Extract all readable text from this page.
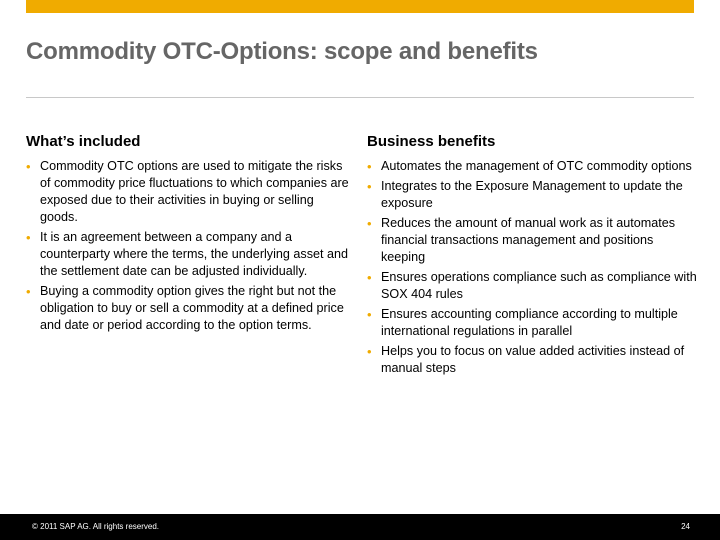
Commodity OTC-Options: scope and benefits
What’s included
• Commodity OTC options are used to mitigate the risks of commodity price fluctuations to which companies are exposed due to their activities in buying or selling goods.
• It is an agreement between a company and a counterparty where the terms, the underlying asset and the settlement date can be adjusted individually.
• Buying a commodity option gives the right but not the obligation to buy or sell a commodity at a defined price and date or period according to the option terms.
Business benefits
• Automates the management of OTC commodity options
• Integrates to the Exposure Management to update the exposure
• Reduces the amount of manual work as it automates financial transactions management and positions keeping
• Ensures operations compliance such as compliance with SOX 404 rules
• Ensures accounting compliance according to multiple international regulations in parallel
• Helps you to focus on value added activities instead of manual steps
© 2011 SAP AG. All rights reserved.	24
